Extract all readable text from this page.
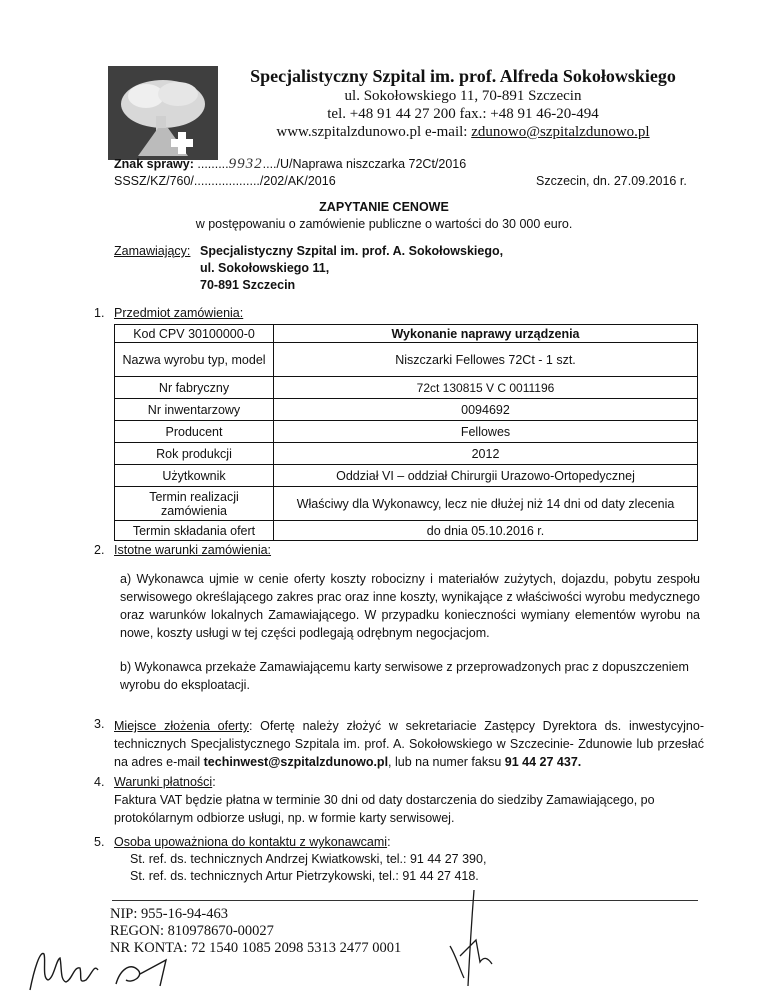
Specjalistyczny Szpital im. prof. Alfreda Sokołowskiego
ul. Sokołowskiego 11, 70-891 Szczecin
tel. +48 91 44 27 200 fax.: +48 91 46-20-494
www.szpitalzdunowo.pl e-mail: zdunowo@szpitalzdunowo.pl
Znak sprawy: .........9932..../U/Naprawa niszczarka 72Ct/2016
SSSZ/KZ/760/.................../202/AK/2016	Szczecin, dn. 27.09.2016 r.
ZAPYTANIE CENOWE
w postępowaniu o zamówienie publiczne o wartości do 30 000 euro.
Zamawiający: Specjalistyczny Szpital im. prof. A. Sokołowskiego,
ul. Sokołowskiego 11,
70-891 Szczecin
1. Przedmiot zamówienia:
Kod CPV 30100000-0	Wykonanie naprawy urządzenia
Nazwa wyrobu typ, model	Niszczarki Fellowes 72Ct - 1 szt.
Nr fabryczny	72ct 130815 V C 0011196
Nr inwentarzowy	0094692
Producent	Fellowes
Rok produkcji	2012
Użytkownik	Oddział VI – oddział Chirurgii Urazowo-Ortopedycznej
Termin realizacji zamówienia	Właściwy dla Wykonawcy, lecz nie dłużej niż 14 dni od daty zlecenia
Termin składania ofert	do dnia 05.10.2016 r.
2. Istotne warunki zamówienia:
a) Wykonawca ujmie w cenie oferty koszty robocizny i materiałów zużytych, dojazdu, pobytu zespołu serwisowego określającego zakres prac oraz inne koszty, wynikające z właściwości wyrobu medycznego oraz warunków lokalnych Zamawiającego. W przypadku konieczności wymiany elementów wyrobu na nowe, koszty usługi w tej części podlegają odrębnym negocjacjom.
b) Wykonawca przekaże Zamawiającemu karty serwisowe z przeprowadzonych prac z dopuszczeniem wyrobu do eksploatacji.
3. Miejsce złożenia oferty: Ofertę należy złożyć w sekretariacie Zastępcy Dyrektora ds. inwestycyjno-technicznych Specjalistycznego Szpitala im. prof. A. Sokołowskiego w Szczecinie- Zdunowie lub przesłać na adres e-mail techinwest@szpitalzdunowo.pl, lub na numer faksu 91 44 27 437.
4. Warunki płatności:
Faktura VAT będzie płatna w terminie 30 dni od daty dostarczenia do siedziby Zamawiającego, po protokólarnym odbiorze usługi, np. w formie karty serwisowej.
5. Osoba upoważniona do kontaktu z wykonawcami:
St. ref. ds. technicznych Andrzej Kwiatkowski, tel.: 91 44 27 390,
St. ref. ds. technicznych Artur Pietrzykowski, tel.: 91 44 27 418.
NIP: 955-16-94-463
REGON: 810978670-00027
NR KONTA: 72 1540 1085 2098 5313 2477 0001
